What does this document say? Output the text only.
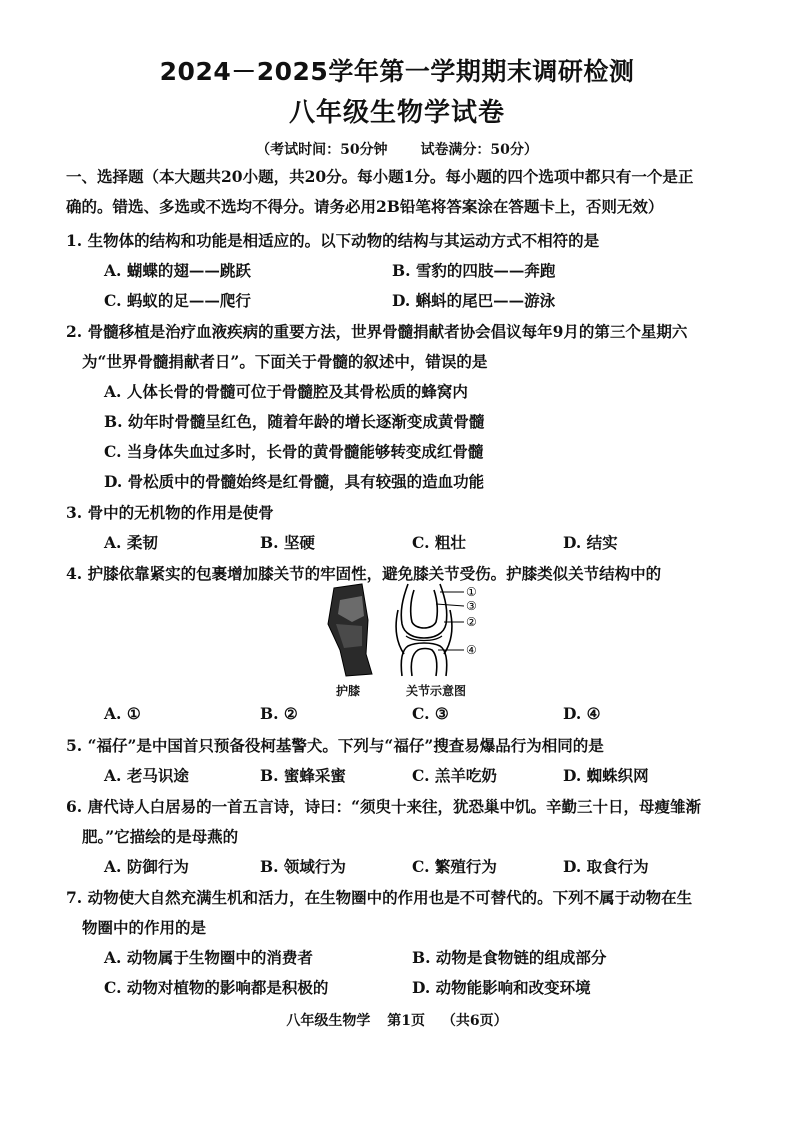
2024－2025学年第一学期期末调研检测
八年级生物学试卷
（考试时间：50分钟 试卷满分：50分）
一、选择题（本大题共20小题，共20分。每小题1分。每小题的四个选项中都只有一个是正
确的。错选、多选或不选均不得分。请务必用2B铅笔将答案涂在答题卡上，否则无效）
1. 生物体的结构和功能是相适应的。以下动物的结构与其运动方式不相符的是
A. 蝴蝶的翅——跳跃	B. 雪豹的四肢——奔跑
C. 蚂蚁的足——爬行	D. 蝌蚪的尾巴——游泳
2. 骨髓移植是治疗血液疾病的重要方法，世界骨髓捐献者协会倡议每年9月的第三个星期六
为“世界骨髓捐献者日”。下面关于骨髓的叙述中，错误的是
A. 人体长骨的骨髓可位于骨髓腔及其骨松质的蜂窝内
B. 幼年时骨髓呈红色，随着年龄的增长逐渐变成黄骨髓
C. 当身体失血过多时，长骨的黄骨髓能够转变成红骨髓
D. 骨松质中的骨髓始终是红骨髓，具有较强的造血功能
3. 骨中的无机物的作用是使骨
A. 柔韧	B. 坚硬	C. 粗壮	D. 结实
4. 护膝依靠紧实的包裹增加膝关节的牢固性，避免膝关节受伤。护膝类似关节结构中的
①
③
②
④
护膝	关节示意图
A. ①	B. ②	C. ③	D. ④
5. “福仔”是中国首只预备役柯基警犬。下列与“福仔”搜查易爆品行为相同的是
A. 老马识途	B. 蜜蜂采蜜	C. 羔羊吃奶	D. 蜘蛛织网
6. 唐代诗人白居易的一首五言诗，诗曰：“须臾十来往，犹恐巢中饥。辛勤三十日，母瘦雏渐
肥。”它描绘的是母燕的
A. 防御行为	B. 领域行为	C. 繁殖行为	D. 取食行为
7. 动物使大自然充满生机和活力，在生物圈中的作用也是不可替代的。下列不属于动物在生
物圈中的作用的是
A. 动物属于生物圈中的消费者	B. 动物是食物链的组成部分
C. 动物对植物的影响都是积极的	D. 动物能影响和改变环境
八年级生物学 第1页 （共6页）
